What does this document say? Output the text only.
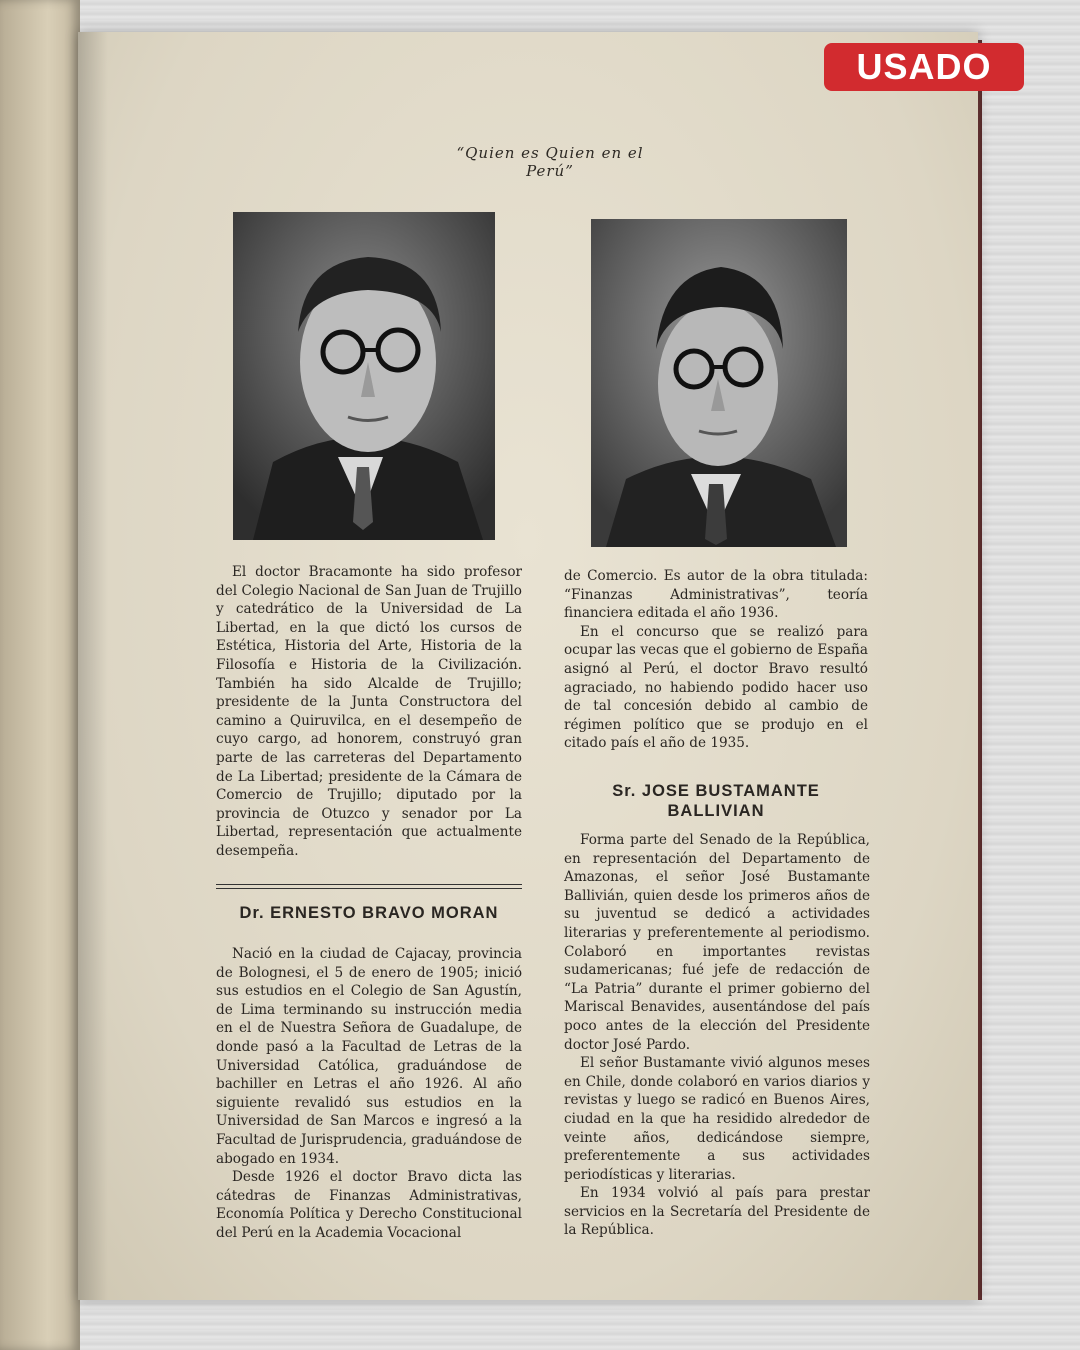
USADO
“Quien es Quien en el Perú”

El doctor Bracamonte ha sido profesor del Colegio Nacional de San Juan de Trujillo y catedrático de la Universidad de La Libertad, en la que dictó los cursos de Estética, Historia del Arte, Historia de la Filosofía e Historia de la Civilización. También ha sido Alcalde de Trujillo; presidente de la Junta Constructora del camino a Quiruvilca, en el desempeño de cuyo cargo, ad honorem, construyó gran parte de las carreteras del Departamento de La Libertad; presidente de la Cámara de Comercio de Trujillo; diputado por la provincia de Otuzco y senador por La Libertad, representación que actualmente desempeña.

Dr. ERNESTO BRAVO MORAN

Nació en la ciudad de Cajacay, provincia de Bolognesi, el 5 de enero de 1905; inició sus estudios en el Colegio de San Agustín, de Lima terminando su instrucción media en el de Nuestra Señora de Guadalupe, de donde pasó a la Facultad de Letras de la Universidad Católica, graduándose de bachiller en Letras el año 1926. Al año siguiente revalidó sus estudios en la Universidad de San Marcos e ingresó a la Facultad de Jurisprudencia, graduándose de abogado en 1934.

Desde 1926 el doctor Bravo dicta las cátedras de Finanzas Administrativas, Economía Política y Derecho Constitucional del Perú en la Academia Vocacional

de Comercio. Es autor de la obra titulada: “Finanzas Administrativas”, teoría financiera editada el año 1936.

En el concurso que se realizó para ocupar las vecas que el gobierno de España asignó al Perú, el doctor Bravo resultó agraciado, no habiendo podido hacer uso de tal concesión debido al cambio de régimen político que se produjo en el citado país el año de 1935.

Sr. JOSE BUSTAMANTE
BALLIVIAN

Forma parte del Senado de la República, en representación del Departamento de Amazonas, el señor José Bustamante Ballivián, quien desde los primeros años de su juventud se dedicó a actividades literarias y preferentemente al periodismo. Colaboró en importantes revistas sudamericanas; fué jefe de redacción de “La Patria” durante el primer gobierno del Mariscal Benavides, ausentándose del país poco antes de la elección del Presidente doctor José Pardo.

El señor Bustamante vivió algunos meses en Chile, donde colaboró en varios diarios y revistas y luego se radicó en Buenos Aires, ciudad en la que ha residido alrededor de veinte años, dedicándose siempre, preferentemente a sus actividades periodísticas y literarias.

En 1934 volvió al país para prestar servicios en la Secretaría del Presidente de la República.
